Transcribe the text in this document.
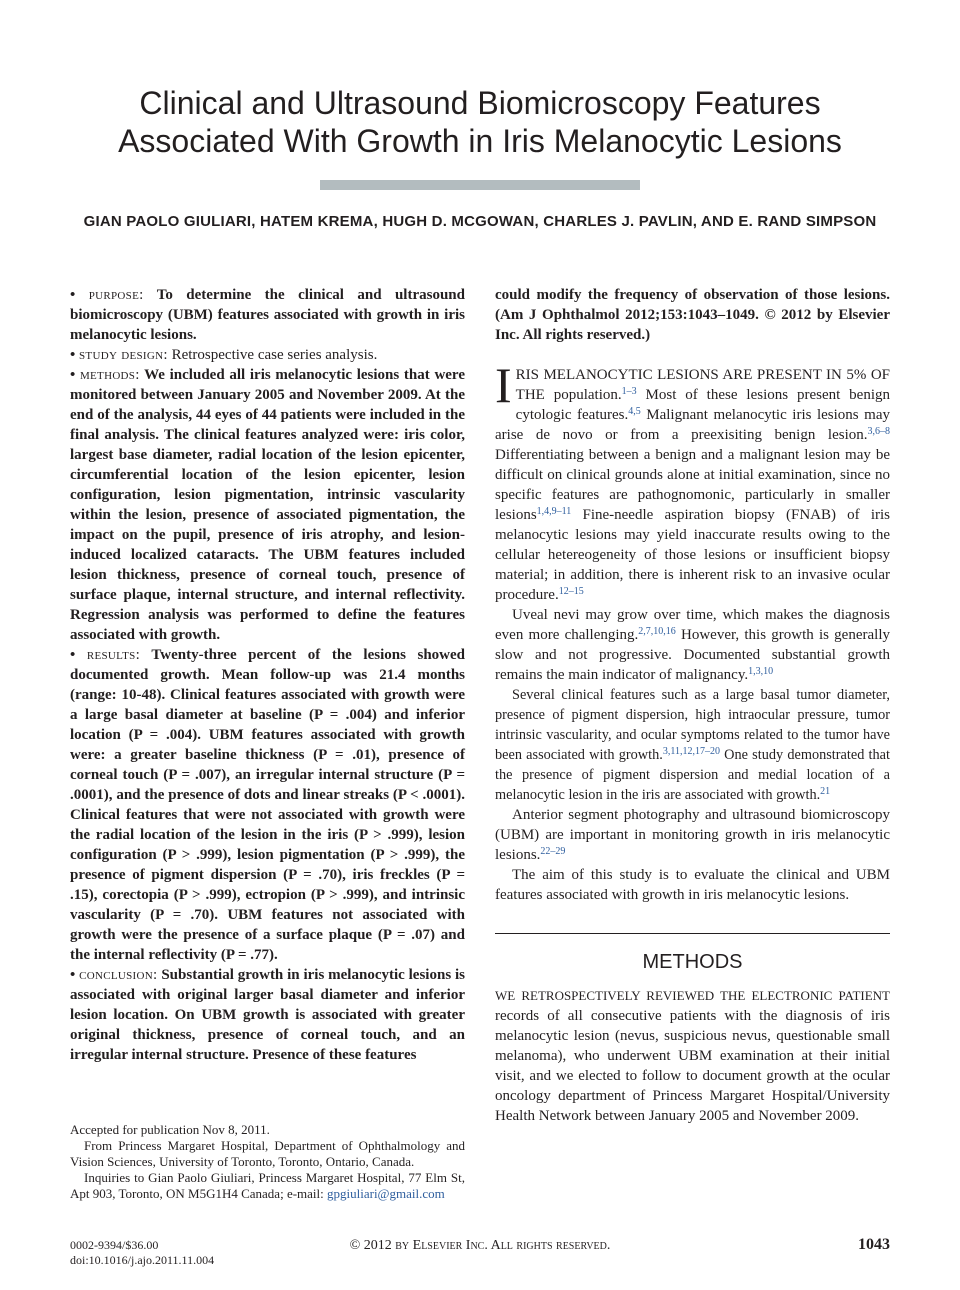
Clinical and Ultrasound Biomicroscopy Features Associated With Growth in Iris Melanocytic Lesions
GIAN PAOLO GIULIARI, HATEM KREMA, HUGH D. MCGOWAN, CHARLES J. PAVLIN, AND E. RAND SIMPSON

• purpose: To determine the clinical and ultrasound biomicroscopy (UBM) features associated with growth in iris melanocytic lesions.

• study design: Retrospective case series analysis.

• methods: We included all iris melanocytic lesions that were monitored between January 2005 and November 2009. At the end of the analysis, 44 eyes of 44 patients were included in the final analysis. The clinical features analyzed were: iris color, largest base diameter, radial location of the lesion epicenter, circumferential location of the lesion epicenter, lesion configuration, lesion pigmentation, intrinsic vascularity within the lesion, presence of associated pigmentation, the impact on the pupil, presence of iris atrophy, and lesion-induced localized cataracts. The UBM features included lesion thickness, presence of corneal touch, presence of surface plaque, internal structure, and internal reflectivity. Regression analysis was performed to define the features associated with growth.

• results: Twenty-three percent of the lesions showed documented growth. Mean follow-up was 21.4 months (range: 10-48). Clinical features associated with growth were a large basal diameter at baseline (P = .004) and inferior location (P = .004). UBM features associated with growth were: a greater baseline thickness (P = .01), presence of corneal touch (P = .007), an irregular internal structure (P = .0001), and the presence of dots and linear streaks (P < .0001). Clinical features that were not associated with growth were the radial location of the lesion in the iris (P > .999), lesion configuration (P > .999), lesion pigmentation (P > .999), the presence of pigment dispersion (P = .70), iris freckles (P = .15), corectopia (P > .999), ectropion (P > .999), and intrinsic vascularity (P = .70). UBM features not associated with growth were the presence of a surface plaque (P = .07) and the internal reflectivity (P = .77).

• conclusion: Substantial growth in iris melanocytic lesions is associated with original larger basal diameter and inferior lesion location. On UBM growth is associated with greater original thickness, presence of corneal touch, and an irregular internal structure. Presence of these features

could modify the frequency of observation of those lesions. (Am J Ophthalmol 2012;153:1043–1049. © 2012 by Elsevier Inc. All rights reserved.)

IRIS MELANOCYTIC LESIONS ARE PRESENT IN 5% OF THE population.$^{1-3}$ Most of these lesions present benign cytologic features.$^{4,5}$ Malignant melanocytic iris lesions may arise de novo or from a preexisiting benign lesion.$^{3,6-8}$ Differentiating between a benign and a malignant lesion may be difficult on clinical grounds alone at initial examination, since no specific features are pathognomonic, particularly in smaller lesions$^{1,4,9-11}$ Fine-needle aspiration biopsy (FNAB) of iris melanocytic lesions may yield inaccurate results owing to the cellular hetereogeneity of those lesions or insufficient biopsy material; in addition, there is inherent risk to an invasive ocular procedure.$^{12-15}$

Uveal nevi may grow over time, which makes the diagnosis even more challenging.$^{2,7,10,16}$ However, this growth is generally slow and not progressive. Documented substantial growth remains the main indicator of malignancy.$^{1,3,10}$

Several clinical features such as a large basal tumor diameter, presence of pigment dispersion, high intraocular pressure, tumor intrinsic vascularity, and ocular symptoms related to the tumor have been associated with growth.$^{3,11,12,17-20}$ One study demonstrated that the presence of pigment dispersion and medial location of a melanocytic lesion in the iris are associated with growth.$^{21}$

Anterior segment photography and ultrasound biomicroscopy (UBM) are important in monitoring growth in iris melanocytic lesions.$^{22-29}$

The aim of this study is to evaluate the clinical and UBM features associated with growth in iris melanocytic lesions.

METHODS

WE RETROSPECTIVELY REVIEWED THE ELECTRONIC PATIENT records of all consecutive patients with the diagnosis of iris melanocytic lesion (nevus, suspicious nevus, questionable small melanoma), who underwent UBM examination at their initial visit, and we elected to follow to document growth at the ocular oncology department of Princess Margaret Hospital/University Health Network between January 2005 and November 2009.

Accepted for publication Nov 8, 2011.

From Princess Margaret Hospital, Department of Ophthalmology and Vision Sciences, University of Toronto, Toronto, Ontario, Canada.

Inquiries to Gian Paolo Giuliari, Princess Margaret Hospital, 77 Elm St, Apt 903, Toronto, ON M5G1H4 Canada; e-mail: gpgiuliari@gmail.com

0002-9394/$36.00
doi:10.1016/j.ajo.2011.11.004
© 2012 by Elsevier Inc. All rights reserved.	1043
